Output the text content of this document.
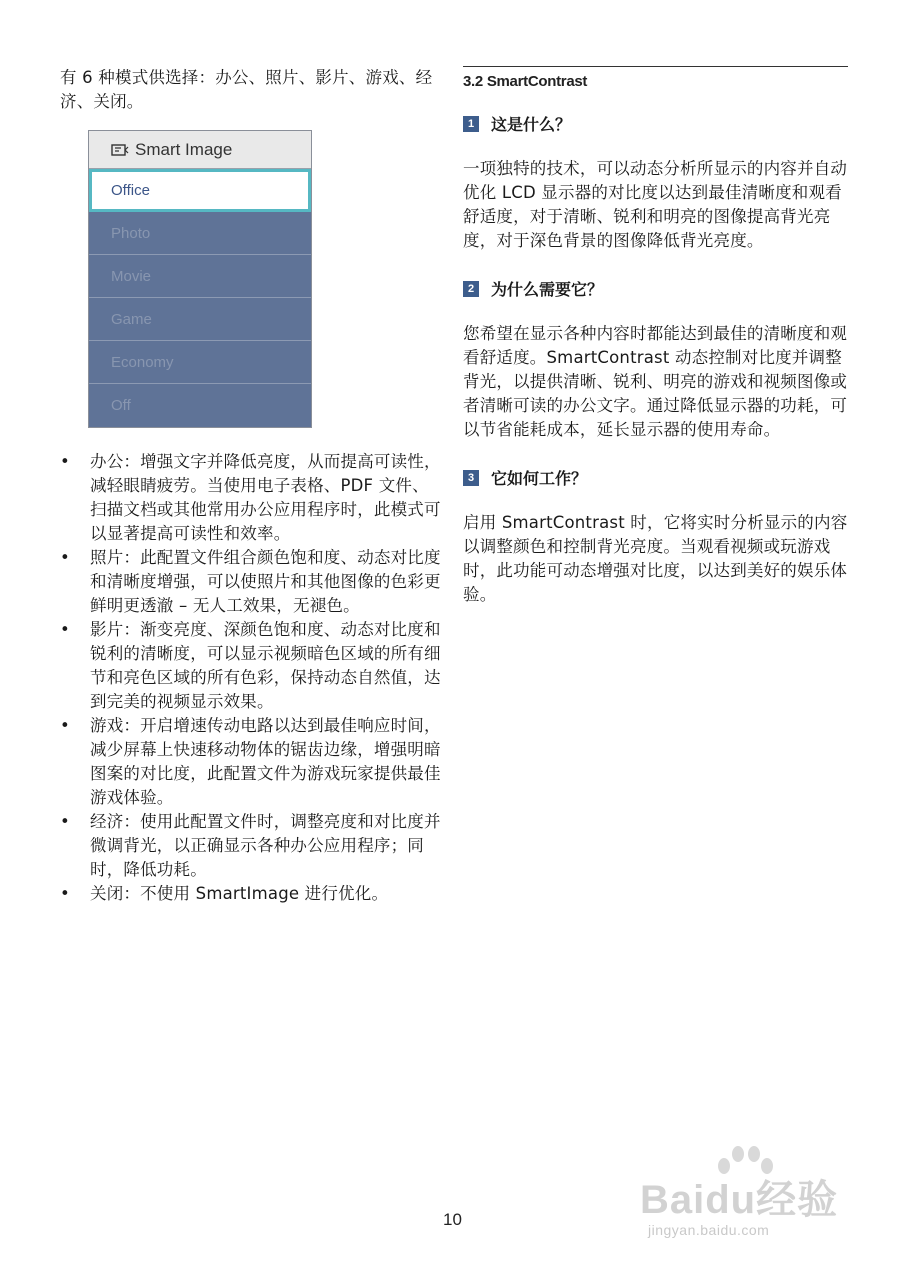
有 6 种模式供选择：办公、照片、影片、游戏、经济、关闭。

Smart Image
Office
Photo
Movie
Game
Economy
Off
• 办公：增强文字并降低亮度，从而提高可读性，减轻眼睛疲劳。当使用电子表格、PDF 文件、扫描文档或其他常用办公应用程序时，此模式可以显著提高可读性和效率。
• 照片：此配置文件组合颜色饱和度、动态对比度和清晰度增强，可以使照片和其他图像的色彩更鲜明更透澈 – 无人工效果，无褪色。
• 影片：渐变亮度、深颜色饱和度、动态对比度和锐利的清晰度，可以显示视频暗色区域的所有细节和亮色区域的所有色彩，保持动态自然值，达到完美的视频显示效果。
• 游戏：开启增速传动电路以达到最佳响应时间，减少屏幕上快速移动物体的锯齿边缘，增强明暗图案的对比度，此配置文件为游戏玩家提供最佳游戏体验。
• 经济：使用此配置文件时，调整亮度和对比度并微调背光，以正确显示各种办公应用程序；同时，降低功耗。
• 关闭：不使用 SmartImage 进行优化。
3.2 SmartContrast
1	这是什么？

一项独特的技术，可以动态分析所显示的内容并自动优化 LCD 显示器的对比度以达到最佳清晰度和观看舒适度，对于清晰、锐利和明亮的图像提高背光亮度，对于深色背景的图像降低背光亮度。

2	为什么需要它？

您希望在显示各种内容时都能达到最佳的清晰度和观看舒适度。SmartContrast 动态控制对比度并调整背光，以提供清晰、锐利、明亮的游戏和视频图像或者清晰可读的办公文字。通过降低显示器的功耗，可以节省能耗成本，延长显示器的使用寿命。

3	它如何工作？

启用 SmartContrast 时，它将实时分析显示的内容以调整颜色和控制背光亮度。当观看视频或玩游戏时，此功能可动态增强对比度，以达到美好的娱乐体验。

10	Baidu经验
jingyan.baidu.com
